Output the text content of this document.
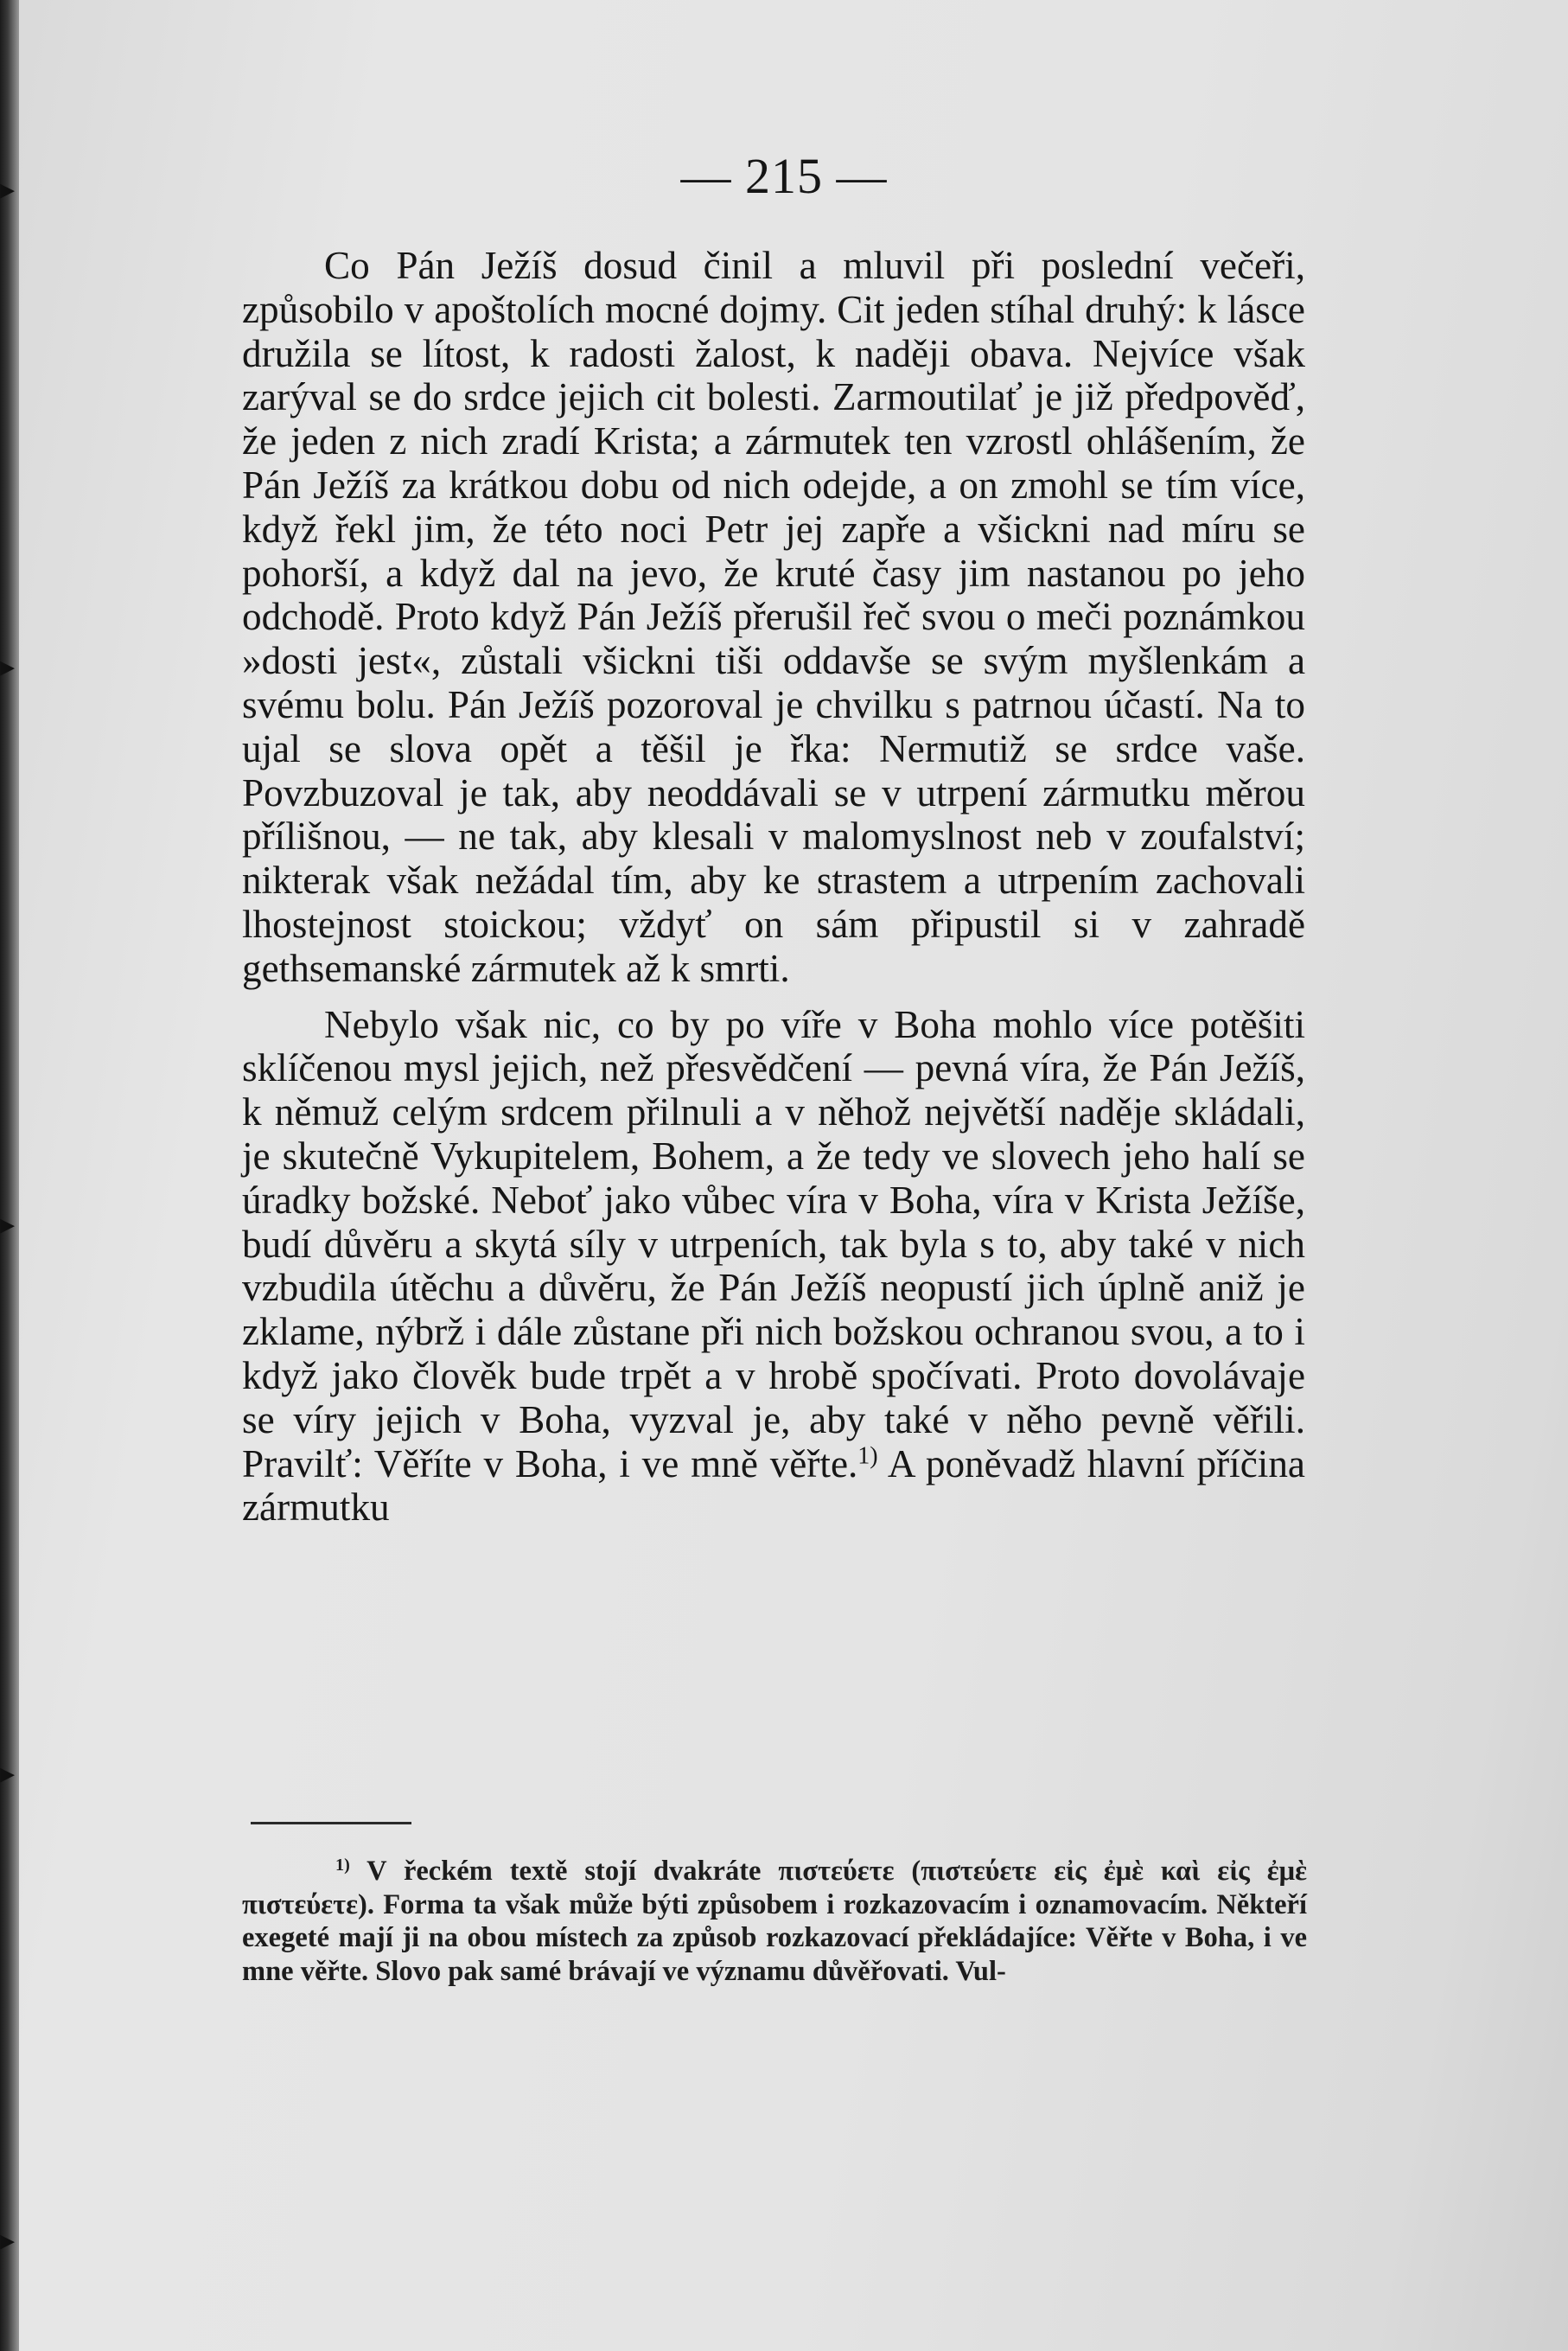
▸
▸
▸
▸
▸
— 215 —

Co Pán Ježíš dosud činil a mluvil při poslední večeři, způsobilo v apoštolích mocné dojmy. Cit jeden stíhal druhý: k lásce družila se lítost, k radosti žalost, k naději obava. Nejvíce však zarýval se do srdce jejich cit bolesti. Zarmoutilať je již předpověď, že jeden z nich zradí Krista; a zármutek ten vzrostl ohlášením, že Pán Ježíš za krátkou dobu od nich odejde, a on zmohl se tím více, když řekl jim, že této noci Petr jej zapře a všickni nad míru se pohorší, a když dal na jevo, že kruté časy jim nastanou po jeho odchodě. Proto když Pán Ježíš přerušil řeč svou o meči poznámkou »dosti jest«, zůstali všickni tiši oddavše se svým myšlenkám a svému bolu. Pán Ježíš pozoroval je chvilku s patrnou účastí. Na to ujal se slova opět a těšil je řka: Nermutiž se srdce vaše. Povzbuzoval je tak, aby neoddávali se v utrpení zármutku měrou přílišnou, — ne tak, aby klesali v malomyslnost neb v zoufalství; nikterak však nežádal tím, aby ke strastem a utrpením zachovali lhostejnost stoickou; vždyť on sám připustil si v zahradě gethsemanské zármutek až k smrti.

Nebylo však nic, co by po víře v Boha mohlo více potěšiti sklíčenou mysl jejich, než přesvědčení — pevná víra, že Pán Ježíš, k němuž celým srdcem přilnuli a v něhož největší naděje skládali, je skutečně Vykupitelem, Bohem, a že tedy ve slovech jeho halí se úradky božské. Neboť jako vůbec víra v Boha, víra v Krista Ježíše, budí důvěru a skytá síly v utrpeních, tak byla s to, aby také v nich vzbudila útěchu a důvěru, že Pán Ježíš neopustí jich úplně aniž je zklame, nýbrž i dále zůstane při nich božskou ochranou svou, a to i když jako člověk bude trpět a v hrobě spočívati. Proto dovolávaje se víry jejich v Boha, vyzval je, aby také v něho pevně věřili. Pravilť: Věříte v Boha, i ve mně věřte.$^{1)}$ A poněvadž hlavní příčina zármutku

$^{1)}$ V řeckém textě stojí dvakráte πιστεύετε (πιστεύετε εἰς ἐμὲ καὶ εἰς ἐμὲ πιστεύετε). Forma ta však může býti způsobem i rozkazovacím i oznamovacím. Někteří exegeté mají ji na obou místech za způsob rozkazovací překládajíce: Věřte v Boha, i ve mne věřte. Slovo pak samé brávají ve významu důvěřovati. Vul-
